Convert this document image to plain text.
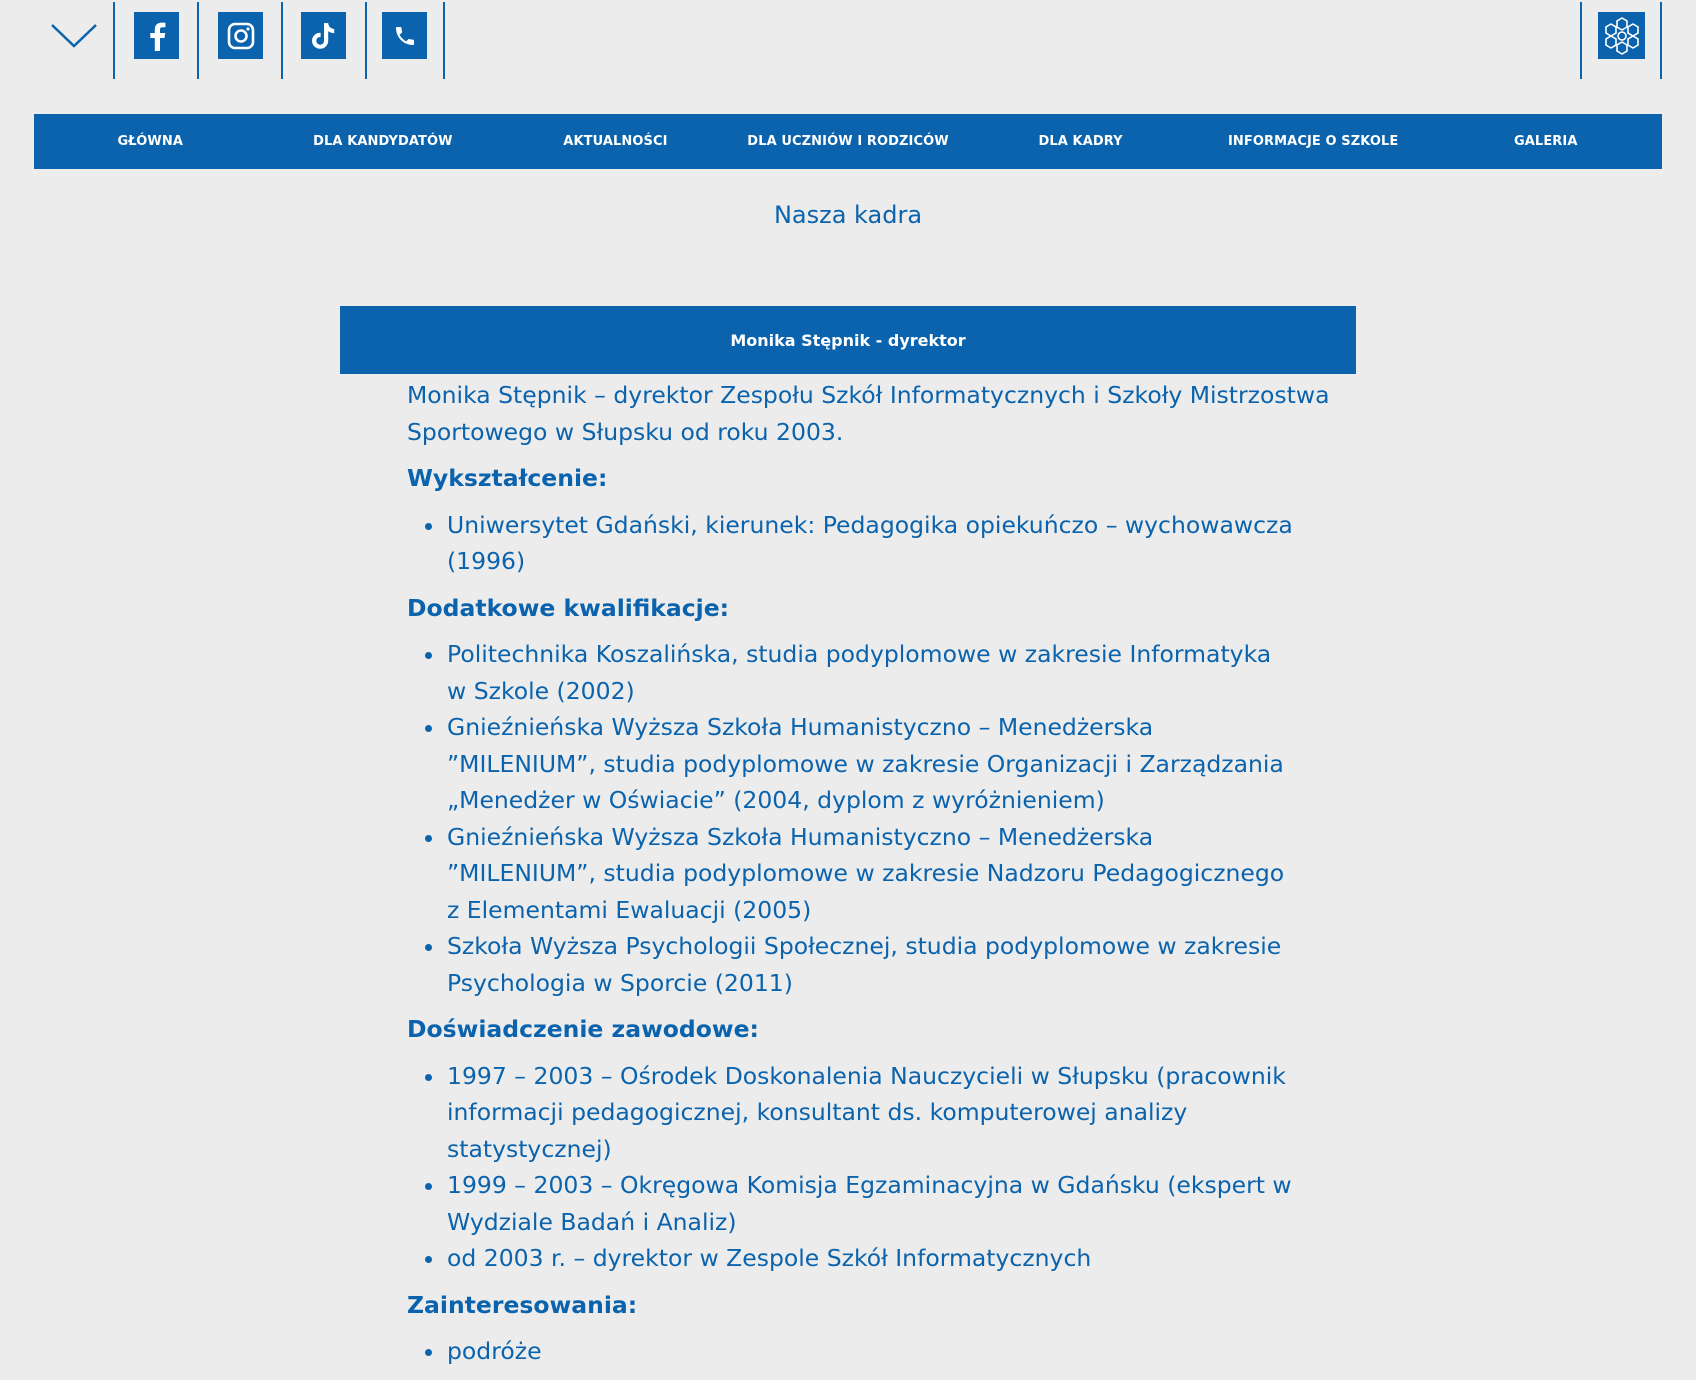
GŁÓWNA	DLA KANDYDATÓW	AKTUALNOŚCI	DLA UCZNIÓW I RODZICÓW	DLA KADRY	INFORMACJE O SZKOLE	GALERIA
Nasza kadra
Monika Stępnik - dyrektor

Monika Stępnik – dyrektor Zespołu Szkół Informatycznych i Szkoły Mistrzostwa Sportowego w Słupsku od roku 2003.

Wykształcenie:
Uniwersytet Gdański, kierunek: Pedagogika opiekuńczo – wychowawcza (1996)
Dodatkowe kwalifikacje:
Politechnika Koszalińska, studia podyplomowe w zakresie Informatyka w Szkole (2002)
Gnieźnieńska Wyższa Szkoła Humanistyczno – Menedżerska ”MILENIUM”, studia podyplomowe w zakresie Organizacji i Zarządzania „Menedżer w Oświacie” (2004, dyplom z wyróżnieniem)
Gnieźnieńska Wyższa Szkoła Humanistyczno – Menedżerska ”MILENIUM”, studia podyplomowe w zakresie Nadzoru Pedagogicznego z Elementami Ewaluacji (2005)
Szkoła Wyższa Psychologii Społecznej, studia podyplomowe w zakresie Psychologia w Sporcie (2011)
Doświadczenie zawodowe:
1997 – 2003 – Ośrodek Doskonalenia Nauczycieli w Słupsku (pracownik informacji pedagogicznej, konsultant ds. komputerowej analizy statystycznej)
1999 – 2003 – Okręgowa Komisja Egzaminacyjna w Gdańsku (ekspert w Wydziale Badań i Analiz)
od 2003 r. – dyrektor w Zespole Szkół Informatycznych
Zainteresowania:
podróże
